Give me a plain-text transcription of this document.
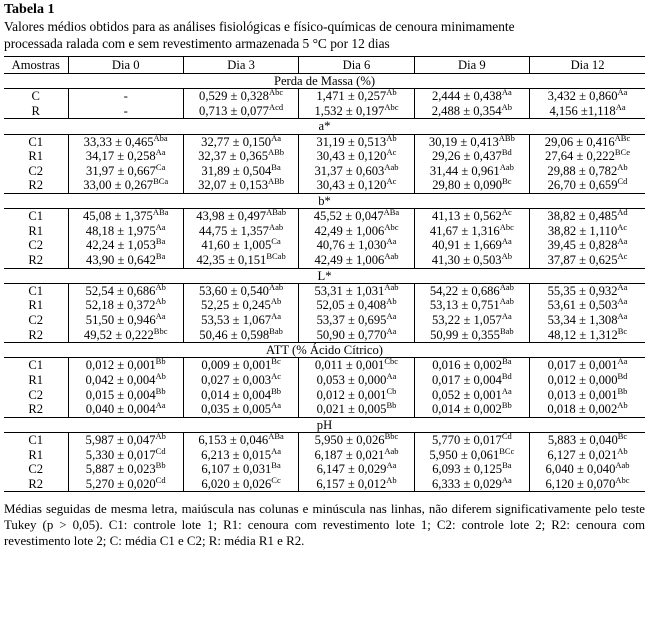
Tabela 1
Valores médios obtidos para as análises fisiológicas e físico-químicas de cenoura minimamente
processada ralada com e sem revestimento armazenada 5 °C por 12 dias
Amostras	Dia 0	Dia 3	Dia 6	Dia 9	Dia 12
Perda de Massa (%)					
C	-	$0,529 \pm 0,328^{Abc}$	$1,471 \pm 0,257^{Ab}$	$2,444 \pm 0,438^{Aa}$	$3,432 \pm 0,860^{Aa}$
R	-	$0,713 \pm 0,077^{Acd}$	$1,532 \pm 0,197^{Abc}$	$2,488 \pm 0,354^{Ab}$	$4,156 \pm 1,118^{Aa}$
a*					
C1	$33,33 \pm 0,465^{Aba}$	$32,77 \pm 0,150^{Aa}$	$31,19 \pm 0,513^{Ab}$	$30,19 \pm 0,413^{ABb}$	$29,06 \pm 0,416^{ABc}$
R1	$34,17 \pm 0,258^{Aa}$	$32,37 \pm 0,365^{ABb}$	$30,43 \pm 0,120^{Ac}$	$29,26 \pm 0,437^{Bd}$	$27,64 \pm 0,222^{BCe}$
C2	$31,97 \pm 0,667^{Ca}$	$31,89 \pm 0,504^{Ba}$	$31,37 \pm 0,603^{Aab}$	$31,44 \pm 0,961^{Aab}$	$29,88 \pm 0,782^{Ab}$
R2	$33,00 \pm 0,267^{BCa}$	$32,07 \pm 0,153^{ABb}$	$30,43 \pm 0,120^{Ac}$	$29,80 \pm 0,090^{Bc}$	$26,70 \pm 0,659^{Cd}$
b*					
C1	$45,08 \pm 1,375^{ABa}$	$43,98 \pm 0,497^{ABab}$	$45,52 \pm 0,047^{ABa}$	$41,13 \pm 0,562^{Ac}$	$38,82 \pm 0,485^{Ad}$
R1	$48,18 \pm 1,975^{Aa}$	$44,75 \pm 1,357^{Aab}$	$42,49 \pm 1,006^{Abc}$	$41,67 \pm 1,316^{Abc}$	$38,82 \pm 1,110^{Ac}$
C2	$42,24 \pm 1,053^{Ba}$	$41,60 \pm 1,005^{Ca}$	$40,76 \pm 1,030^{Aa}$	$40,91 \pm 1,669^{Aa}$	$39,45 \pm 0,828^{Aa}$
R2	$43,90 \pm 0,642^{Ba}$	$42,35 \pm 0,151^{BCab}$	$42,49 \pm 1,006^{Aab}$	$41,30 \pm 0,503^{Ab}$	$37,87 \pm 0,625^{Ac}$
L*					
C1	$52,54 \pm 0,686^{Ab}$	$53,60 \pm 0,540^{Aab}$	$53,31 \pm 1,031^{Aab}$	$54,22 \pm 0,686^{Aab}$	$55,35 \pm 0,932^{Aa}$
R1	$52,18 \pm 0,372^{Ab}$	$52,25 \pm 0,245^{Ab}$	$52,05 \pm 0,408^{Ab}$	$53,13 \pm 0,751^{Aab}$	$53,61 \pm 0,503^{Aa}$
C2	$51,50 \pm 0,946^{Aa}$	$53,53 \pm 1,067^{Aa}$	$53,37 \pm 0,695^{Aa}$	$53,22 \pm 1,057^{Aa}$	$53,34 \pm 1,308^{Aa}$
R2	$49,52 \pm 0,222^{Bbc}$	$50,46 \pm 0,598^{Bab}$	$50,90 \pm 0,770^{Aa}$	$50,99 \pm 0,355^{Bab}$	$48,12 \pm 1,312^{Bc}$
ATT (% Ácido Cítrico)					
C1	$0,012 \pm 0,001^{Bb}$	$0,009 \pm 0,001^{Bc}$	$0,011 \pm 0,001^{Cbc}$	$0,016 \pm 0,002^{Ba}$	$0,017 \pm 0,001^{Aa}$
R1	$0,042 \pm 0,004^{Ab}$	$0,027 \pm 0,003^{Ac}$	$0,053 \pm 0,000^{Aa}$	$0,017 \pm 0,004^{Bd}$	$0,012 \pm 0,000^{Bd}$
C2	$0,015 \pm 0,004^{Bb}$	$0,014 \pm 0,004^{Bb}$	$0,012 \pm 0,001^{Cb}$	$0,052 \pm 0,001^{Aa}$	$0,013 \pm 0,001^{Bb}$
R2	$0,040 \pm 0,004^{Aa}$	$0,035 \pm 0,005^{Aa}$	$0,021 \pm 0,005^{Bb}$	$0,014 \pm 0,002^{Bb}$	$0,018 \pm 0,002^{Ab}$
pH					
C1	$5,987 \pm 0,047^{Ab}$	$6,153 \pm 0,046^{ABa}$	$5,950 \pm 0,026^{Bbc}$	$5,770 \pm 0,017^{Cd}$	$5,883 \pm 0,040^{Bc}$
R1	$5,330 \pm 0,017^{Cd}$	$6,213 \pm 0,015^{Aa}$	$6,187 \pm 0,021^{Aab}$	$5,950 \pm 0,061^{BCc}$	$6,127 \pm 0,021^{Ab}$
C2	$5,887 \pm 0,023^{Bb}$	$6,107 \pm 0,031^{Ba}$	$6,147 \pm 0,029^{Aa}$	$6,093 \pm 0,125^{Ba}$	$6,040 \pm 0,040^{Aab}$
R2	$5,270 \pm 0,020^{Cd}$	$6,020 \pm 0,026^{Cc}$	$6,157 \pm 0,012^{Ab}$	$6,333 \pm 0,029^{Aa}$	$6,120 \pm 0,070^{Abc}$
Médias seguidas de mesma letra, maiúscula nas colunas e minúscula nas linhas, não diferem significativamente pelo teste Tukey (p > 0,05). C1: controle lote 1; R1: cenoura com revestimento lote 1; C2: controle lote 2; R2: cenoura com revestimento lote 2; C: média C1 e C2; R: média R1 e R2.
